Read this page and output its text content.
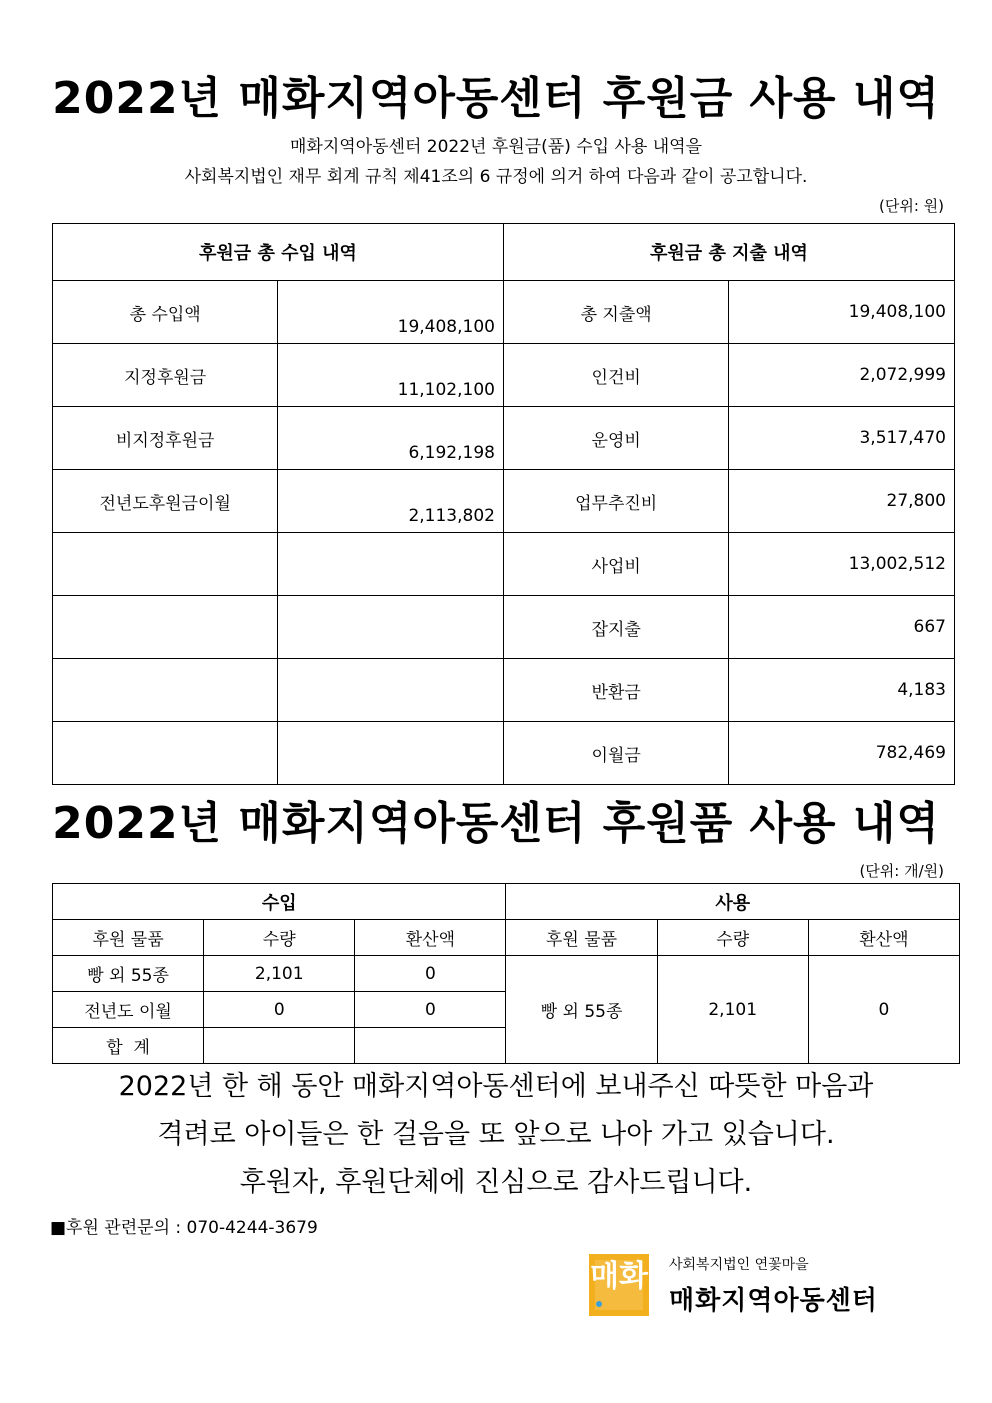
2022년 매화지역아동센터 후원금 사용 내역
매화지역아동센터 2022년 후원금(품) 수입 사용 내역을
사회복지법인 재무 회계 규칙 제41조의 6 규정에 의거 하여 다음과 같이 공고합니다.
(단위: 원)
후원금 총 수입 내역		후원금 총 지출 내역	
총 수입액	19,408,100	총 지출액	19,408,100
지정후원금	11,102,100	인건비	2,072,999
비지정후원금	6,192,198	운영비	3,517,470
전년도후원금이월	2,113,802	업무추진비	27,800
		사업비	13,002,512
		잡지출	667
		반환금	4,183
		이월금	782,469
2022년 매화지역아동센터 후원품 사용 내역
(단위: 개/원)
수입			사용		
후원 물품	수량	환산액	후원 물품	수량	환산액
빵 외 55종	2,101	0	빵 외 55종	2,101	0
전년도 이월	0	0			
합  계					
2022년 한 해 동안 매화지역아동센터에 보내주신 따뜻한 마음과
격려로 아이들은 한 걸음을 또 앞으로 나아 가고 있습니다.
후원자, 후원단체에 진심으로 감사드립니다.
■후원 관련문의 : 070-4244-3679
매화 사회복지법인 연꽃마을
매화지역아동센터
